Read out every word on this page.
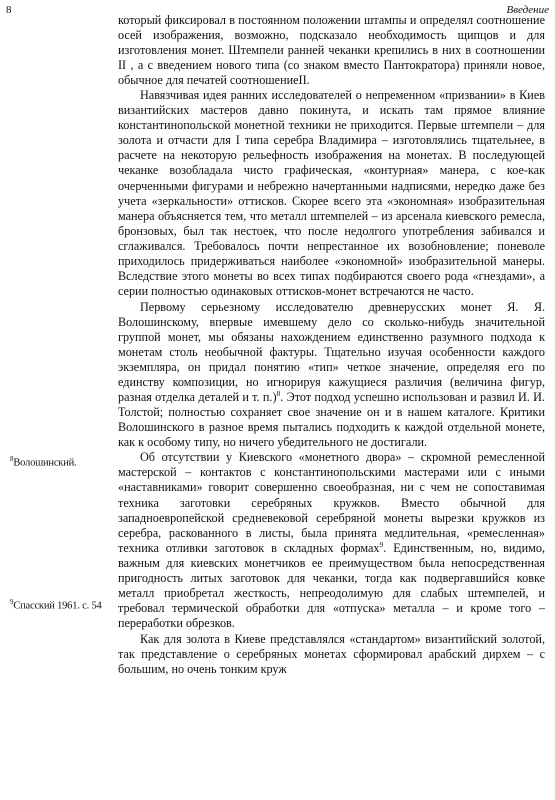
8	Введение
$^8$Волошинский.
$^9$Спасский 1961. с. 54

который фиксировал в постоянном положении штампы и определял соотношение осей изображения, возможно, подсказало необходимость щипцов и для изготовления монет. Штемпели ранней чеканки крепились в них в соотношении II , а с введением нового типа (со знаком вместо Пантократора) приняли новое, обычное для печатей соотношениеII.

Навязчивая идея ранних исследователей о непременном «призвании» в Киев византийских мастеров давно покинута, и искать там прямое влияние константинопольской монетной техники не приходится. Первые штемпели – для золота и отчасти для I типа серебра Владимира – изготовлялись тщательнее, в расчете на некоторую рельефность изображения на монетах. В последующей чеканке возобладала чисто графическая, «контурная» манера, с кое-как очерченными фигурами и небрежно начертанными надписями, нередко даже без учета «зеркальности» оттисков. Скорее всего эта «экономная» изобразительная манера объясняется тем, что металл штемпелей – из арсенала киевского ремесла, бронзовых, был так нестоек, что после недолгого употребления забивался и сглаживался. Требовалось почти непрестанное их возобновление; поневоле приходилось придерживаться наиболее «экономной» изобразительной манеры. Вследствие этого монеты во всех типах подбираются своего рода «гнездами», а серии полностью одинаковых оттисков-монет встречаются не часто.

Первому серьезному исследователю древнерусских монет Я. Я. Волошинскому, впервые имевшему дело со сколько-нибудь значительной группой монет, мы обязаны нахождением единственно разумного подхода к монетам столь необычной фактуры. Тщательно изучая особенности каждого экземпляра, он придал понятию «тип» четкое значение, определяя его по единству композиции, но игнорируя кажущиеся различия (величина фигур, разная отделка деталей и т. п.)$^8$. Этот подход успешно использован и развил И. И. Толстой; полностью сохраняет свое значение он и в нашем каталоге. Критики Волошинского в разное время пытались подходить к каждой отдельной монете, как к особому типу, но ничего убедительного не достигали.

Об отсутствии у Киевского «монетного двора» – скромной ремесленной мастерской – контактов с константинопольскими мастерами или с иными «наставниками» говорит совершенно своеобразная, ни с чем не сопоставимая техника заготовки серебряных кружков. Вместо обычной для западноевропейской средневековой серебряной монеты вырезки кружков из серебра, раскованного в листы, была принята медлительная, «ремесленная» техника отливки заготовок в складных формах$^9$. Единственным, но, видимо, важным для киевских монетчиков ее преимуществом была непосредственная пригодность литых заготовок для чеканки, тогда как подвергавшийся ковке металл приобретал жесткость, непреодолимую для слабых штемпелей, и требовал термической обработки для «отпуска» металла – и кроме того – переработки обрезков.

Как для золота в Киеве представлялся «стандартом» византийский золотой, так представление о серебряных монетах сформировал арабский дирхем – с большим, но очень тонким круж
